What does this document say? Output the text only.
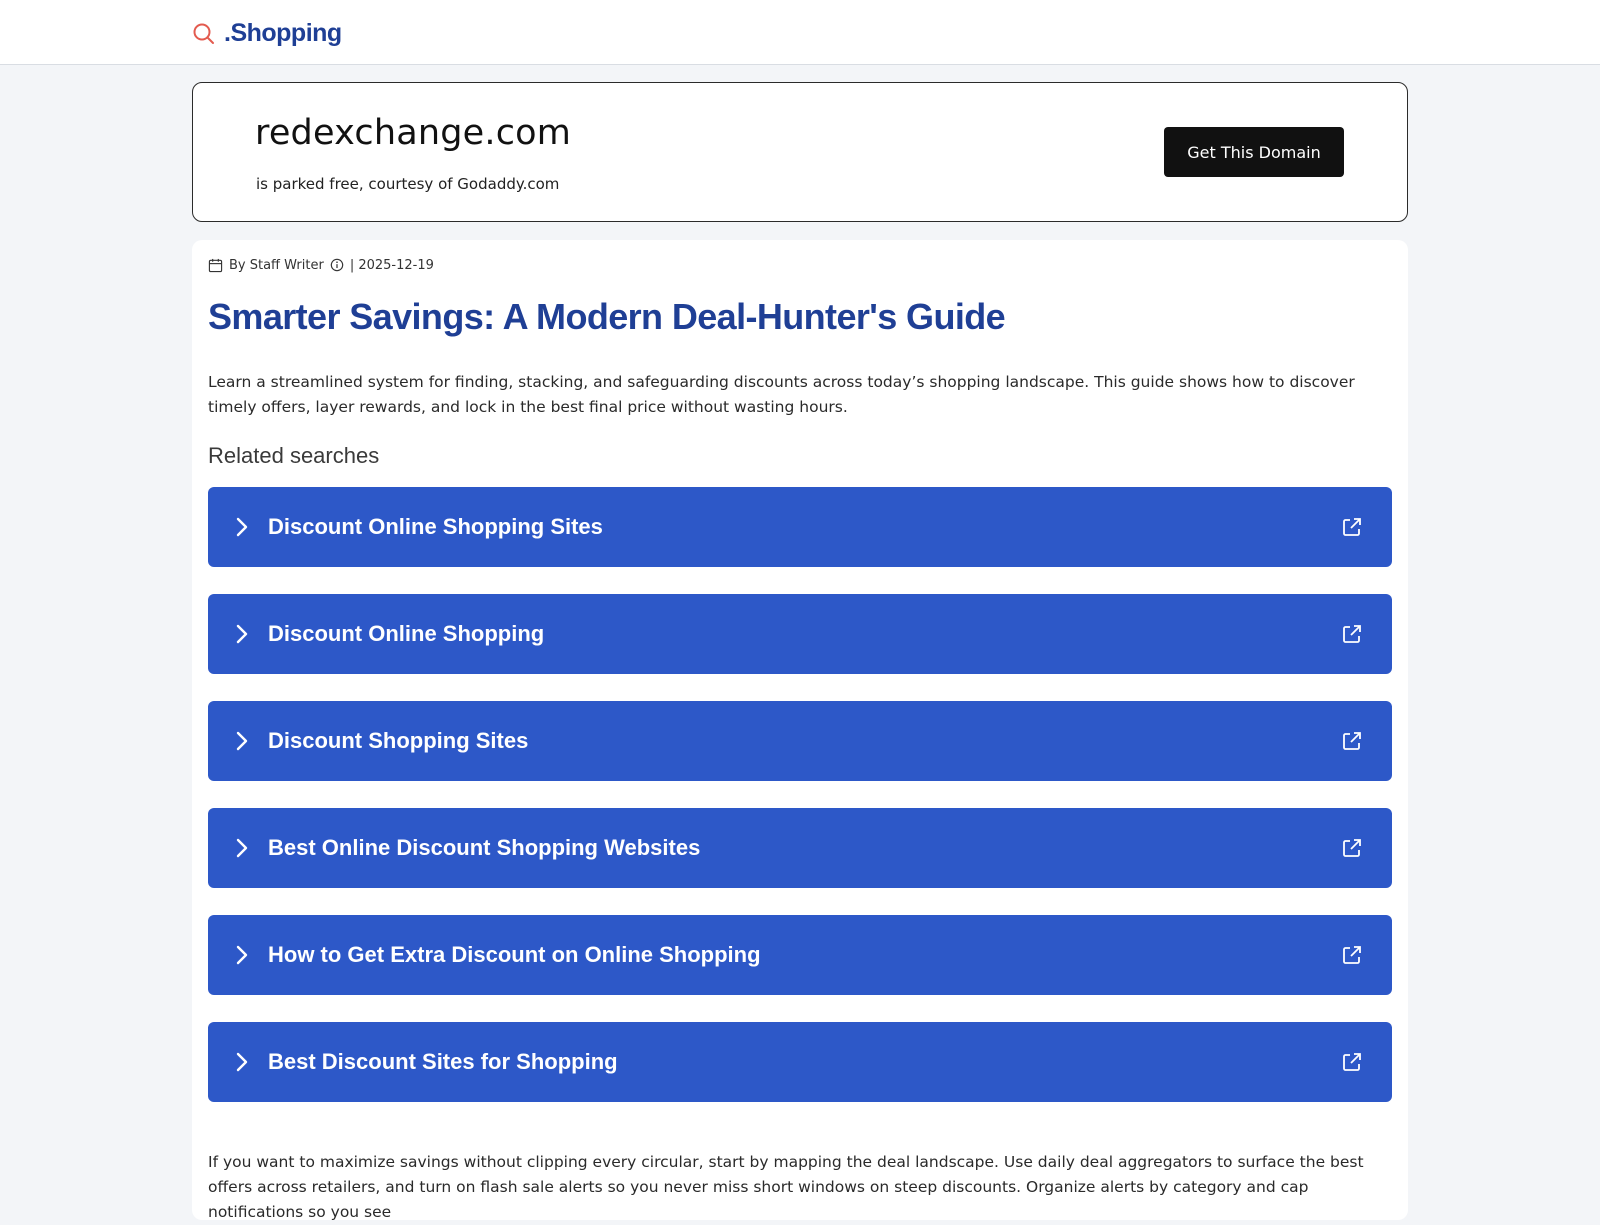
.Shopping
redexchange.com
is parked free, courtesy of Godaddy.com
Get This Domain
By Staff Writer | 2025-12-19
Smarter Savings: A Modern Deal-Hunter's Guide

Learn a streamlined system for finding, stacking, and safeguarding discounts across today’s shopping landscape. This guide shows how to discover timely offers, layer rewards, and lock in the best final price without wasting hours.

Related searches
Discount Online Shopping Sites
Discount Online Shopping
Discount Shopping Sites
Best Online Discount Shopping Websites
How to Get Extra Discount on Online Shopping
Best Discount Sites for Shopping

If you want to maximize savings without clipping every circular, start by mapping the deal landscape. Use daily deal aggregators to surface the best offers across retailers, and turn on flash sale alerts so you never miss short windows on steep discounts. Organize alerts by category and cap notifications so you see
